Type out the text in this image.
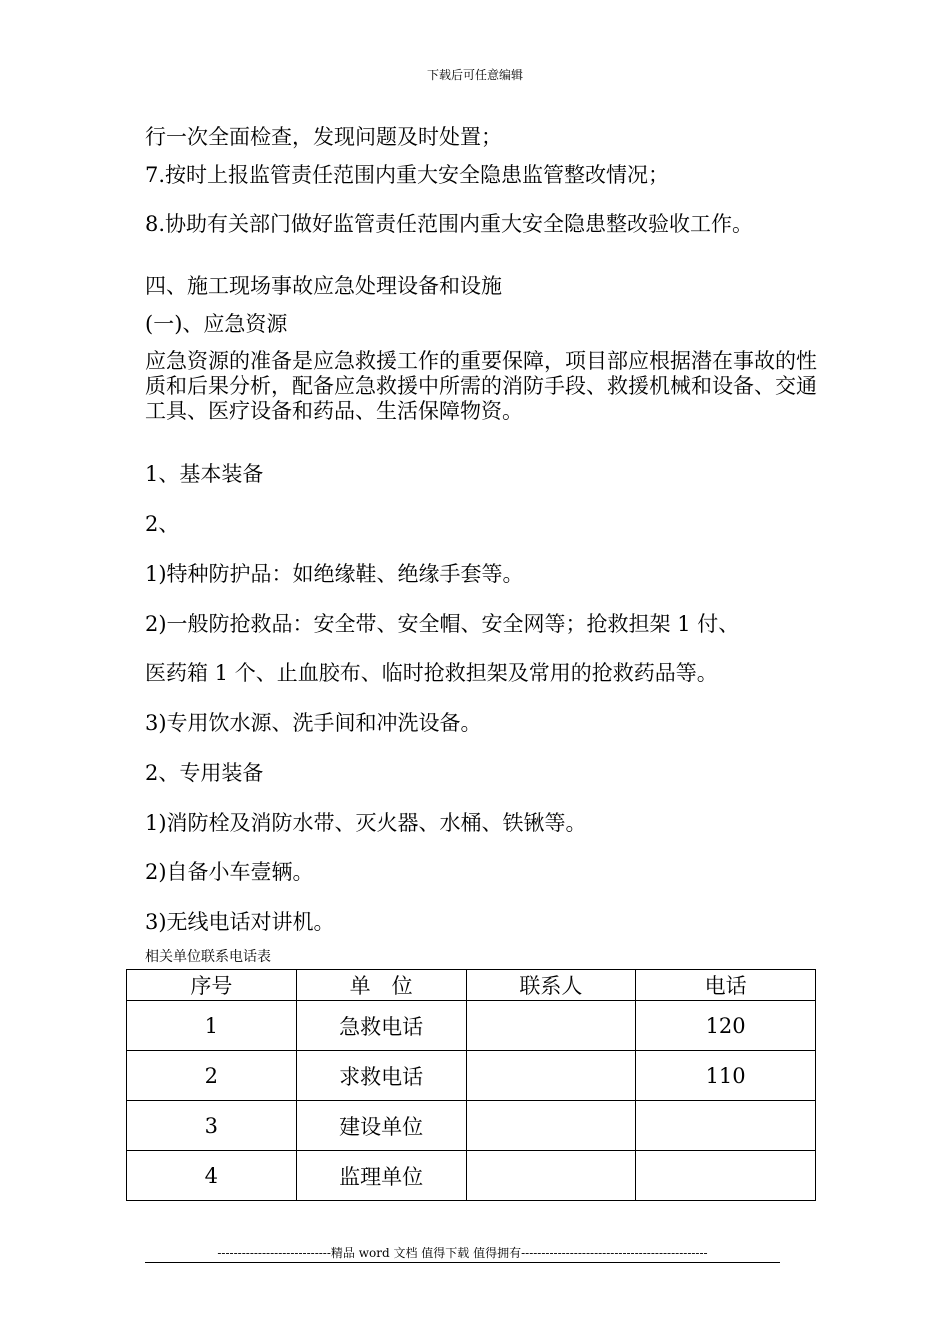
下载后可任意编辑
行一次全面检查，发现问题及时处置；
7.按时上报监管责任范围内重大安全隐患监管整改情况；
8.协助有关部门做好监管责任范围内重大安全隐患整改验收工作。
四、施工现场事故应急处理设备和设施
(一)、应急资源
应急资源的准备是应急救援工作的重要保障，项目部应根据潜在事故的性质和后果分析，配备应急救援中所需的消防手段、救援机械和设备、交通工具、医疗设备和药品、生活保障物资。
1、基本装备
2、
1)特种防护品：如绝缘鞋、绝缘手套等。
2)一般防抢救品：安全带、安全帽、安全网等；抢救担架 1 付、
医药箱 1 个、止血胶布、临时抢救担架及常用的抢救药品等。
3)专用饮水源、洗手间和冲洗设备。
2、专用装备
1)消防栓及消防水带、灭火器、水桶、铁锹等。
2)自备小车壹辆。
3)无线电话对讲机。
相关单位联系电话表
序号	单　位	联系人	电话
1	急救电话		120
2	求救电话		110
3	建设单位		
4	监理单位		
----------------------------精品 word 文档 值得下载 值得拥有----------------------------------------------
